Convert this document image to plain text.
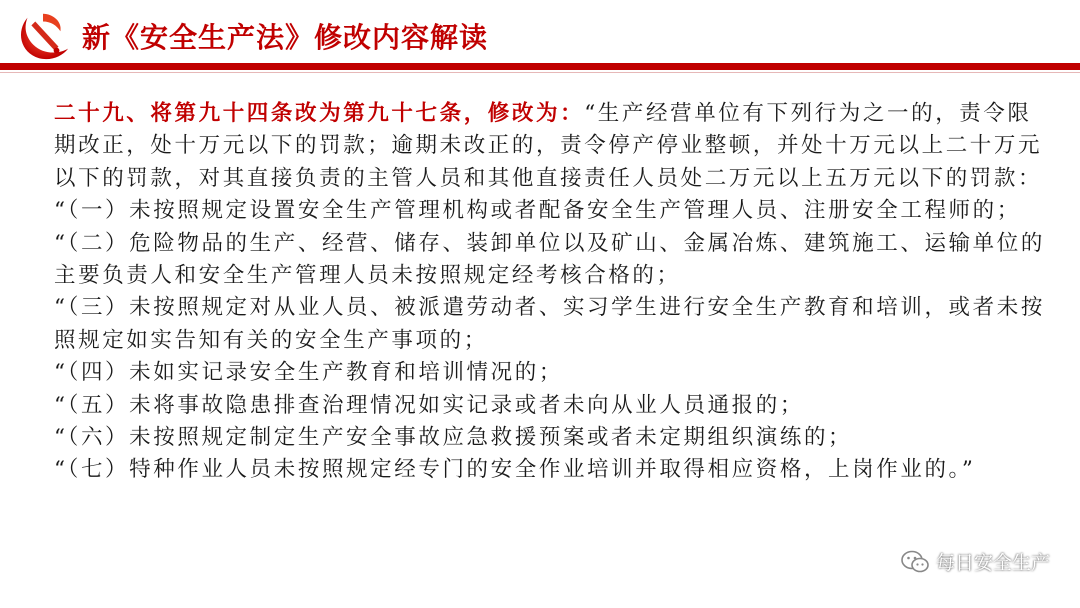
新《安全生产法》修改内容解读

二十九、将第九十四条改为第九十七条，修改为：“生产经营单位有下列行为之一的，责令限期改正，处十万元以下的罚款；逾期未改正的，责令停产停业整顿，并处十万元以上二十万元以下的罚款，对其直接负责的主管人员和其他直接责任人员处二万元以上五万元以下的罚款：

“（一）未按照规定设置安全生产管理机构或者配备安全生产管理人员、注册安全工程师的；

“（二）危险物品的生产、经营、储存、装卸单位以及矿山、金属冶炼、建筑施工、运输单位的主要负责人和安全生产管理人员未按照规定经考核合格的；

“（三）未按照规定对从业人员、被派遣劳动者、实习学生进行安全生产教育和培训，或者未按照规定如实告知有关的安全生产事项的；

“（四）未如实记录安全生产教育和培训情况的；

“（五）未将事故隐患排查治理情况如实记录或者未向从业人员通报的；

“（六）未按照规定制定生产安全事故应急救援预案或者未定期组织演练的；

“（七）特种作业人员未按照规定经专门的安全作业培训并取得相应资格，上岗作业的。”

每日安全生产
